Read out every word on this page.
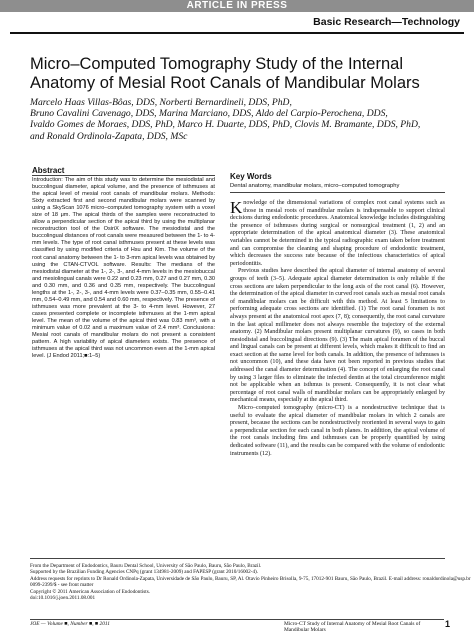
ARTICLE IN PRESS
Basic Research—Technology
Micro–Computed Tomography Study of the Internal Anatomy of Mesial Root Canals of Mandibular Molars
Marcelo Haas Villas-Bôas, DDS, Norberti Bernardineli, DDS, PhD,
Bruno Cavalini Cavenago, DDS, Marina Marciano, DDS, Aldo del Carpio-Perochena, DDS,
Ivaldo Gomes de Moraes, DDS, PhD, Marco H. Duarte, DDS, PhD, Clovis M. Bramante, DDS, PhD,
and Ronald Ordinola-Zapata, DDS, MSc
Abstract
Introduction: The aim of this study was to determine the mesiodistal and buccolingual diameter, apical volume, and the presence of isthmuses at the apical level of mesial root canals of mandibular molars. Methods: Sixty extracted first and second mandibular molars were scanned by using a SkyScan 1076 micro–computed tomography system with a voxel size of 18 μm. The apical thirds of the samples were reconstructed to allow a perpendicular section of the apical third by using the multiplanar reconstruction tool of the OsiriX software. The mesiodistal and the buccolingual distances of root canals were measured between the 1- to 4-mm levels. The type of root canal isthmuses present at these levels was classified by using modified criteria of Hsu and Kim. The volume of the root canal anatomy between the 1- to 3-mm apical levels was obtained by using the CTAN-CTVOL software. Results: The medians of the mesiodistal diameter at the 1-, 2-, 3-, and 4-mm levels in the mesiobuccal and mesiolingual canals were 0.22 and 0.23 mm, 0.27 and 0.27 mm, 0.30 and 0.30 mm, and 0.36 and 0.35 mm, respectively. The buccolingual lengths at the 1-, 2-, 3-, and 4-mm levels were 0.37–0.35 mm, 0.55–0.41 mm, 0.54–0.49 mm, and 0.54 and 0.60 mm, respectively. The presence of isthmuses was more prevalent at the 3- to 4-mm level. However, 27 cases presented complete or incomplete isthmuses at the 1-mm apical level. The mean of the volume of the apical third was 0.83 mm³, with a minimum value of 0.02 and a maximum value of 2.4 mm³. Conclusions: Mesial root canals of mandibular molars do not present a consistent pattern. A high variability of apical diameters exists. The presence of isthmuses at the apical third was not uncommon even at the 1-mm apical level. (J Endod 2011;■:1–5)
Key Words
Dental anatomy, mandibular molars, micro–computed tomography

Knowledge of the dimensional variations of complex root canal systems such as those in mesial roots of mandibular molars is indispensable to support clinical decisions during endodontic procedures. Anatomical knowledge includes distinguishing the presence of isthmuses during surgical or nonsurgical treatment (1, 2) and an appropriate determination of the apical anatomical diameter (3). These anatomical variables cannot be determined in the typical radiographic exam taken before treatment and can compromise the cleaning and shaping procedure of endodontic treatment, which decreases the success rate because of the infectious characteristics of apical periodontitis.

Previous studies have described the apical diameter of internal anatomy of several groups of teeth (3–5). Adequate apical diameter determination is only reliable if the cross sections are taken perpendicular to the long axis of the root canal (6). However, the determination of the apical diameter in curved root canals such as mesial root canals of mandibular molars can be difficult with this method. At least 5 limitations to performing adequate cross sections are identified. (1) The root canal foramen is not always present at the anatomical root apex (7, 8); consequently, the root canal curvature in the last apical millimeter does not always resemble the trajectory of the external anatomy. (2) Mandibular molars present multiplanar curvatures (9), so cases in both mesiodistal and buccolingual directions (9). (3) The main apical foramen of the buccal and lingual canals can be present at different levels, which makes it difficult to find an exact section at the same level for both canals. In addition, the presence of isthmuses is not uncommon (10), and these data have not been reported in previous studies that addressed the canal diameter determination (4). The concept of enlarging the root canal by using 3 larger files to eliminate the infected dentin at the total circumference might not be applicable when an isthmus is present. Consequently, it is not clear what percentage of root canal walls of mandibular molars can be appropriately enlarged by mechanical means, especially at the apical third.

Micro–computed tomography (micro-CT) is a nondestructive technique that is useful to evaluate the apical diameter of mandibular molars in which 2 canals are present, because the sections can be nondestructively reoriented in several ways to gain a perpendicular section for each canal in both planes. In addition, the apical volume of the root canals including fins and isthmuses can be properly quantified by using dedicated software (11), and the results can be compared with the volume of endodontic instruments (12).

From the Department of Endodontics, Bauru Dental School, University of São Paulo, Bauru, São Paulo, Brazil.
Supported by the Brazilian Funding Agencies CNPq (grant 134981-2009) and FAPESP (grant 2010/16002-4).
Address requests for reprints to Dr Ronald Ordinola-Zapata, Universidade de São Paulo, Bauru, SP, Al. Otavio Pinheiro Brisolla, 9-75, 17012-901 Bauru, São Paulo, Brazil. E-mail address: ronaldordinola@usp.br
0099-2399/$ - see front matter
Copyright © 2011 American Association of Endodontists.
doi:10.1016/j.joen.2011.08.001
JOE — Volume ■, Number ■, ■ 2011	Micro-CT Study of Internal Anatomy of Mesial Root Canals of Mandibular Molars
1
